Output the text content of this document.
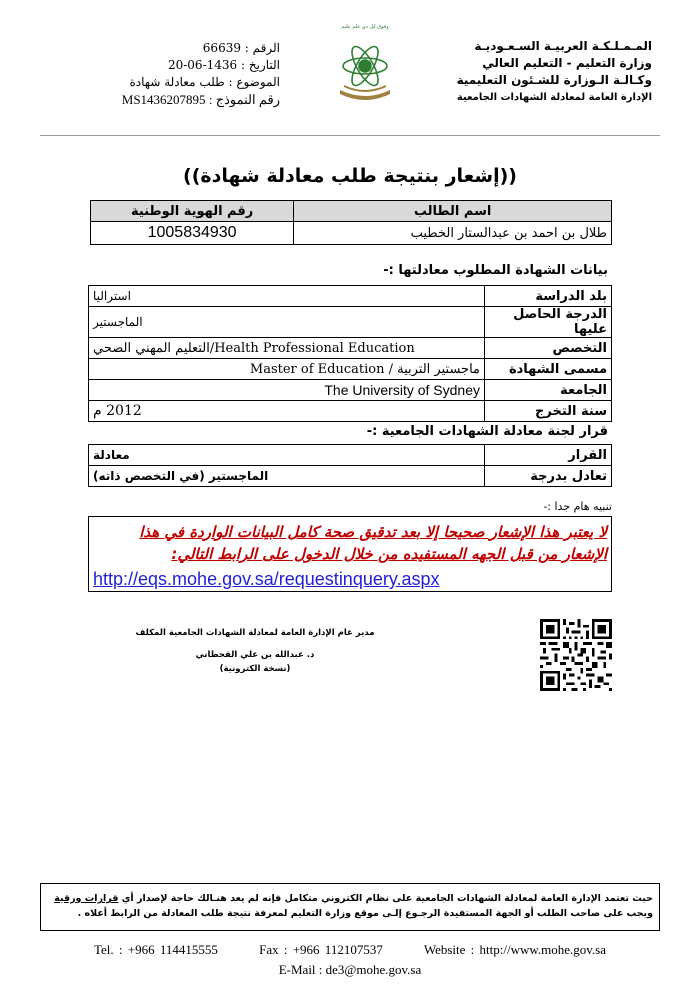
المـمـلـكـة العربيـة السـعـوديـة
وزارة التعليم - التعليم العالي
وكـالـة الـوزارة للشـئون التعليمية
الإدارة العامة لمعادلة الشهادات الجامعية
وفوق كل ذي علم عليم
الرقم : 66639
التاريخ : 1436-06-20
الموضوع : طلب معادلة شهادة
رقم النموذج : MS1436207895
((إشعار بنتيجة طلب معادلة شهادة))
اسم الطالب	رقم الهوية الوطنية
طلال بن احمد بن عبدالستار الخطيب	1005834930
بيانات الشهادة المطلوب معادلتها :-
بلد الدراسة	استراليا
الدرجة الحاصل عليها	الماجستير
التخصص	Health Professional Education/التعليم المهني الصحي
مسمى الشهادة	Master of Education / ماجستير التربية
الجامعة	The University of Sydney
سنة التخرج	2012 م
قرار لجنة معادلة الشهادات الجامعية :-
القرار	معادلة
تعادل بدرجة	الماجستير (في التخصص ذاته)
تنبيه هام جدا :-
لا يعتبر هذا الإشعار صحيحا إلا بعد تدقيق صحة كامل البيانات الواردة في هذا الإشعار من قبل الجهه المستفيده من خلال الدخول على الرابط التالي:
http://eqs.mohe.gov.sa/requestinquery.aspx
مدير عام الإدارة العامة لمعادلة الشهادات الجامعية المكلف
د. عبدالله بن علي القحطاني
(نسخة الكترونية)
حيث تعتمد الإدارة العامة لمعادلة الشهادات الجامعية على نظام الكتروني متكامل فإنه لم يعد هنـالك حاجة لإصدار أي قرارات ورقية ويجب على صاحب الطلب أو الجهة المستفيدة الرجـوع إلـى موقع وزارة التعليم لمعرفة نتيجة طلب المعادلة من الرابط أعلاه .
Tel. : +966 114415555	Fax : +966 112107537	Website : http://www.mohe.gov.sa
E-Mail : de3@mohe.gov.sa
